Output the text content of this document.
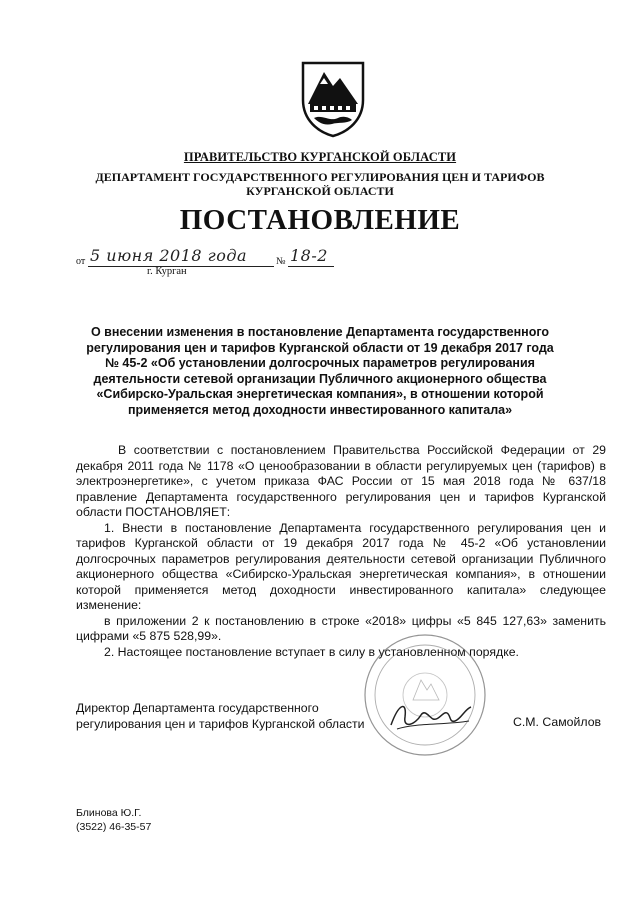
ПРАВИТЕЛЬСТВО КУРГАНСКОЙ ОБЛАСТИ
ДЕПАРТАМЕНТ ГОСУДАРСТВЕННОГО РЕГУЛИРОВАНИЯ ЦЕН И ТАРИФОВ
КУРГАНСКОЙ ОБЛАСТИ
ПОСТАНОВЛЕНИЕ
от 5 июня 2018 года	№ 18-2
г. Курган
О внесении изменения в постановление Департамента государственного
регулирования цен и тарифов Курганской области от 19 декабря 2017 года
№ 45-2 «Об установлении долгосрочных параметров регулирования
деятельности сетевой организации Публичного акционерного общества
«Сибирско-Уральская энергетическая компания», в отношении которой
применяется метод доходности инвестированного капитала»

В соответствии с постановлением Правительства Российской Федерации от 29 декабря 2011 года № 1178 «О ценообразовании в области регулируемых цен (тарифов) в электроэнергетике», с учетом приказа ФАС России от 15 мая 2018 года № 637/18 правление Департамента государственного регулирования цен и тарифов Курганской области ПОСТАНОВЛЯЕТ:

1. Внести в постановление Департамента государственного регулирования цен и тарифов Курганской области от 19 декабря 2017 года № 45-2 «Об установлении долгосрочных параметров регулирования деятельности сетевой организации Публичного акционерного общества «Сибирско-Уральская энергетическая компания», в отношении которой применяется метод доходности инвестированного капитала» следующее изменение:

в приложении 2 к постановлению в строке «2018» цифры «5 845 127,63» заменить цифрами «5 875 528,99».

2. Настоящее постановление вступает в силу в установленном порядке.

Директор Департамента государственного
регулирования цен и тарифов Курганской области	С.М. Самойлов
Блинова Ю.Г.
(3522) 46-35-57
